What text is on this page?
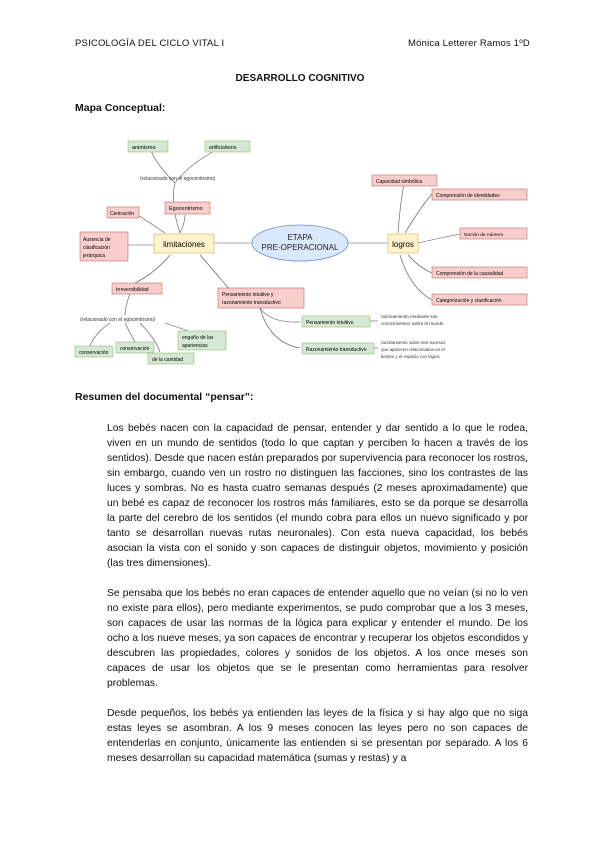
PSICOLOGÍA DEL CICLO VITAL I	Mónica Letterer Ramos 1ºD
DESARROLLO COGNITIVO
Mapa Conceptual:
ETAPA
PRE-OPERACIONAL
limitaciones	logros
animismo	artificialismo
(relacionado con el egocentrismo)
Centración
Egocentrismo
Ausencia de
clasificación
jerárquica
Irreversibilidad
Pensamiento intuitivo y
razonamiento transductivo
(relacionado con el egocentrismo)
conservación
conservación
de la cantidad
engaño de las
apariencias
Pensamiento intuitivo
razonamiento mediante sus
conocimientos sobre el mundo
Razonamiento transductivo
razonamiento sobre dos sucesos
que aparecen relacionados en el
tiempo y el espacio con lógica
Capacidad simbólica
Comprensión de identidades
Noción de número
Comprensión de la causalidad
Categorización y clasificación
Resumen del documental “pensar”:

Los bebés nacen con la capacidad de pensar, entender y dar sentido a lo que le rodea, viven en un mundo de sentidos (todo lo que captan y perciben lo hacen a través de los sentidos). Desde que nacen están preparados por supervivencia para reconocer los rostros, sin embargo, cuando ven un rostro no distinguen las facciones, sino los contrastes de las luces y sombras. No es hasta cuatro semanas después (2 meses aproximadamente) que un bebé es capaz de reconocer los rostros más familiares, esto se da porque se desarrolla la parte del cerebro de los sentidos (el mundo cobra para ellos un nuevo significado y por tanto se desarrollan nuevas rutas neuronales). Con esta nueva capacidad, los bebés asocian la vista con el sonido y son capaces de distinguir objetos, movimiento y posición (las tres dimensiones).

Se pensaba que los bebés no eran capaces de entender aquello que no veían (si no lo ven no existe para ellos), pero mediante experimentos, se pudo comprobar que a los 3 meses, son capaces de usar las normas de la lógica para explicar y entender el mundo. De los ocho a los nueve meses, ya son capaces de encontrar y recuperar los objetos escondidos y descubren las propiedades, colores y sonidos de los objetos. A los once meses son capaces de usar los objetos que se le presentan como herramientas para resolver problemas.

Desde pequeños, los bebés ya entienden las leyes de la física y si hay algo que no siga estas leyes se asombran. A los 9 meses conocen las leyes pero no son capaces de entenderlas en conjunto, únicamente las entienden si se presentan por separado. A los 6 meses desarrollan su capacidad matemática (sumas y restas) y a
